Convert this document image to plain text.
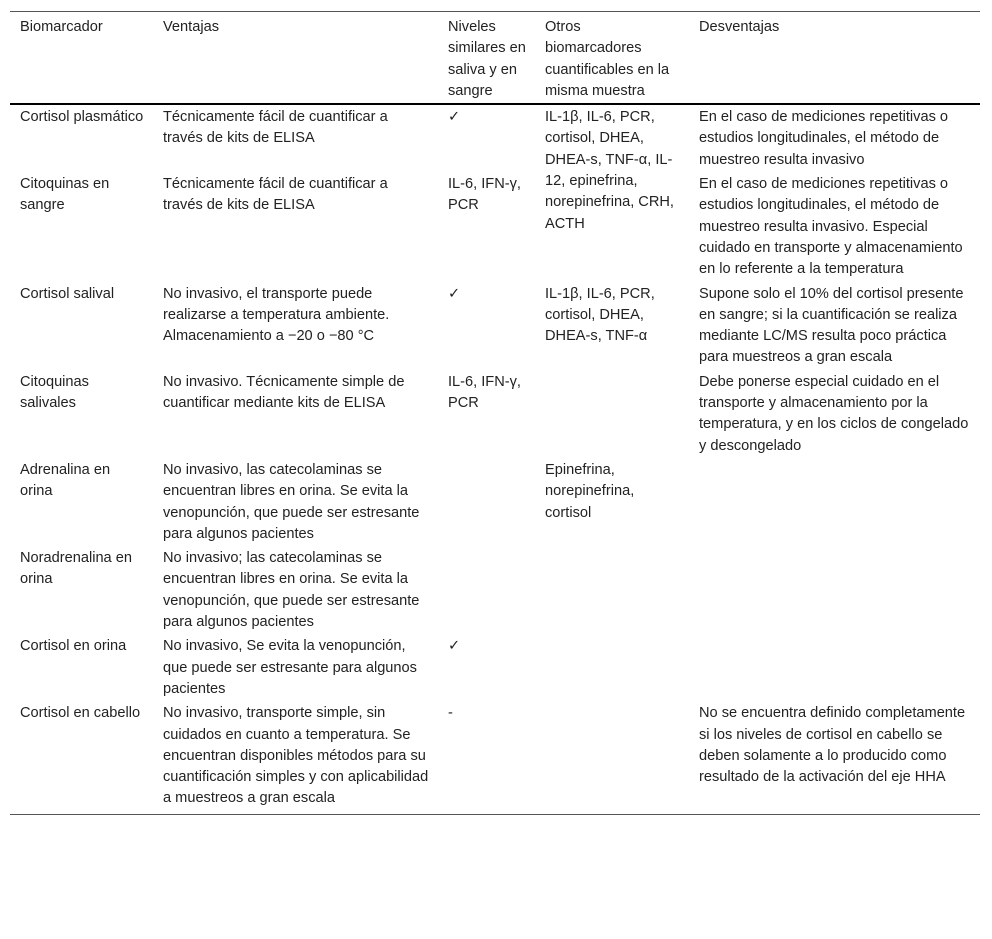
Biomarcador	Ventajas	Niveles similares en saliva y en sangre	Otros biomarcadores cuantificables en la misma muestra	Desventajas
Cortisol plasmático	Técnicamente fácil de cuantificar a través de kits de ELISA	✓	IL-1β, IL-6, PCR, cortisol, DHEA, DHEA-s, TNF-α, IL-12, epinefrina, norepinefrina, CRH, ACTH	En el caso de mediciones repetitivas o estudios longitudinales, el método de muestreo resulta invasivo
Citoquinas en sangre	Técnicamente fácil de cuantificar a través de kits de ELISA	IL-6, IFN-γ, PCR		En el caso de mediciones repetitivas o estudios longitudinales, el método de muestreo resulta invasivo. Especial cuidado en transporte y almacenamiento en lo referente a la temperatura
Cortisol salival	No invasivo, el transporte puede realizarse a temperatura ambiente. Almacenamiento a −20 o −80 °C	✓	IL-1β, IL-6, PCR, cortisol, DHEA, DHEA-s, TNF-α	Supone solo el 10% del cortisol presente en sangre; si la cuantificación se realiza mediante LC/MS resulta poco práctica para muestreos a gran escala
Citoquinas salivales	No invasivo. Técnicamente simple de cuantificar mediante kits de ELISA	IL-6, IFN-γ, PCR		Debe ponerse especial cuidado en el transporte y almacenamiento por la temperatura, y en los ciclos de congelado y descongelado
Adrenalina en orina	No invasivo, las catecolaminas se encuentran libres en orina. Se evita la venopunción, que puede ser estresante para algunos pacientes		Epinefrina, norepinefrina, cortisol	
Noradrenalina en orina	No invasivo; las catecolaminas se encuentran libres en orina. Se evita la venopunción, que puede ser estresante para algunos pacientes			
Cortisol en orina	No invasivo, Se evita la venopunción, que puede ser estresante para algunos pacientes	✓		
Cortisol en cabello	No invasivo, transporte simple, sin cuidados en cuanto a temperatura. Se encuentran disponibles métodos para su cuantificación simples y con aplicabilidad a muestreos a gran escala	-		No se encuentra definido completamente si los niveles de cortisol en cabello se deben solamente a lo producido como resultado de la activación del eje HHA
